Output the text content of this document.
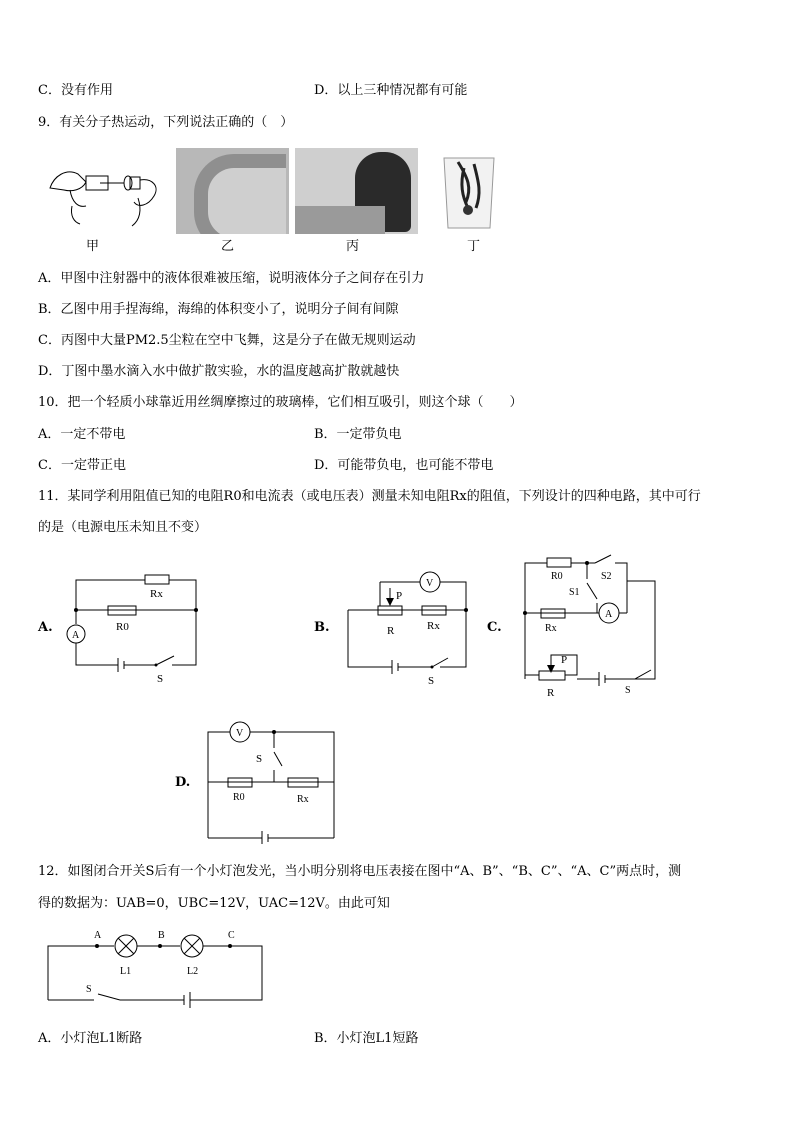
C．没有作用	D．以上三种情况都有可能
9．有关分子热运动，下列说法正确的（　）
甲	乙	丙	丁
A．甲图中注射器中的液体很难被压缩，说明液体分子之间存在引力
B．乙图中用手捏海绵，海绵的体积变小了，说明分子间有间隙
C．丙图中大量PM2.5尘粒在空中飞舞，这是分子在做无规则运动
D．丁图中墨水滴入水中做扩散实验，水的温度越高扩散就越快
10．把一个轻质小球靠近用丝绸摩擦过的玻璃棒，它们相互吸引，则这个球（　　）
A．一定不带电	B．一定带负电
C．一定带正电	D．可能带负电，也可能不带电
11．某同学利用阻值已知的电阻R0和电流表（或电压表）测量未知电阻Rx的阻值，下列设计的四种电路，其中可行
的是（电源电压未知且不变）
A.	B.	C.
D.
A
Rx
R0
S
V
P
R	Rx
S
R0	S2
S1
A
Rx
P
R	S
V
S
R0	Rx
12．如图闭合开关S后有一个小灯泡发光，当小明分别将电压表接在图中“A、B”、“B、C”、“A、C”两点时，测
得的数据为：UAB=0，UBC=12V，UAC=12V。由此可知
A	B	C
L1	L2
S
A．小灯泡L1断路	B．小灯泡L1短路
